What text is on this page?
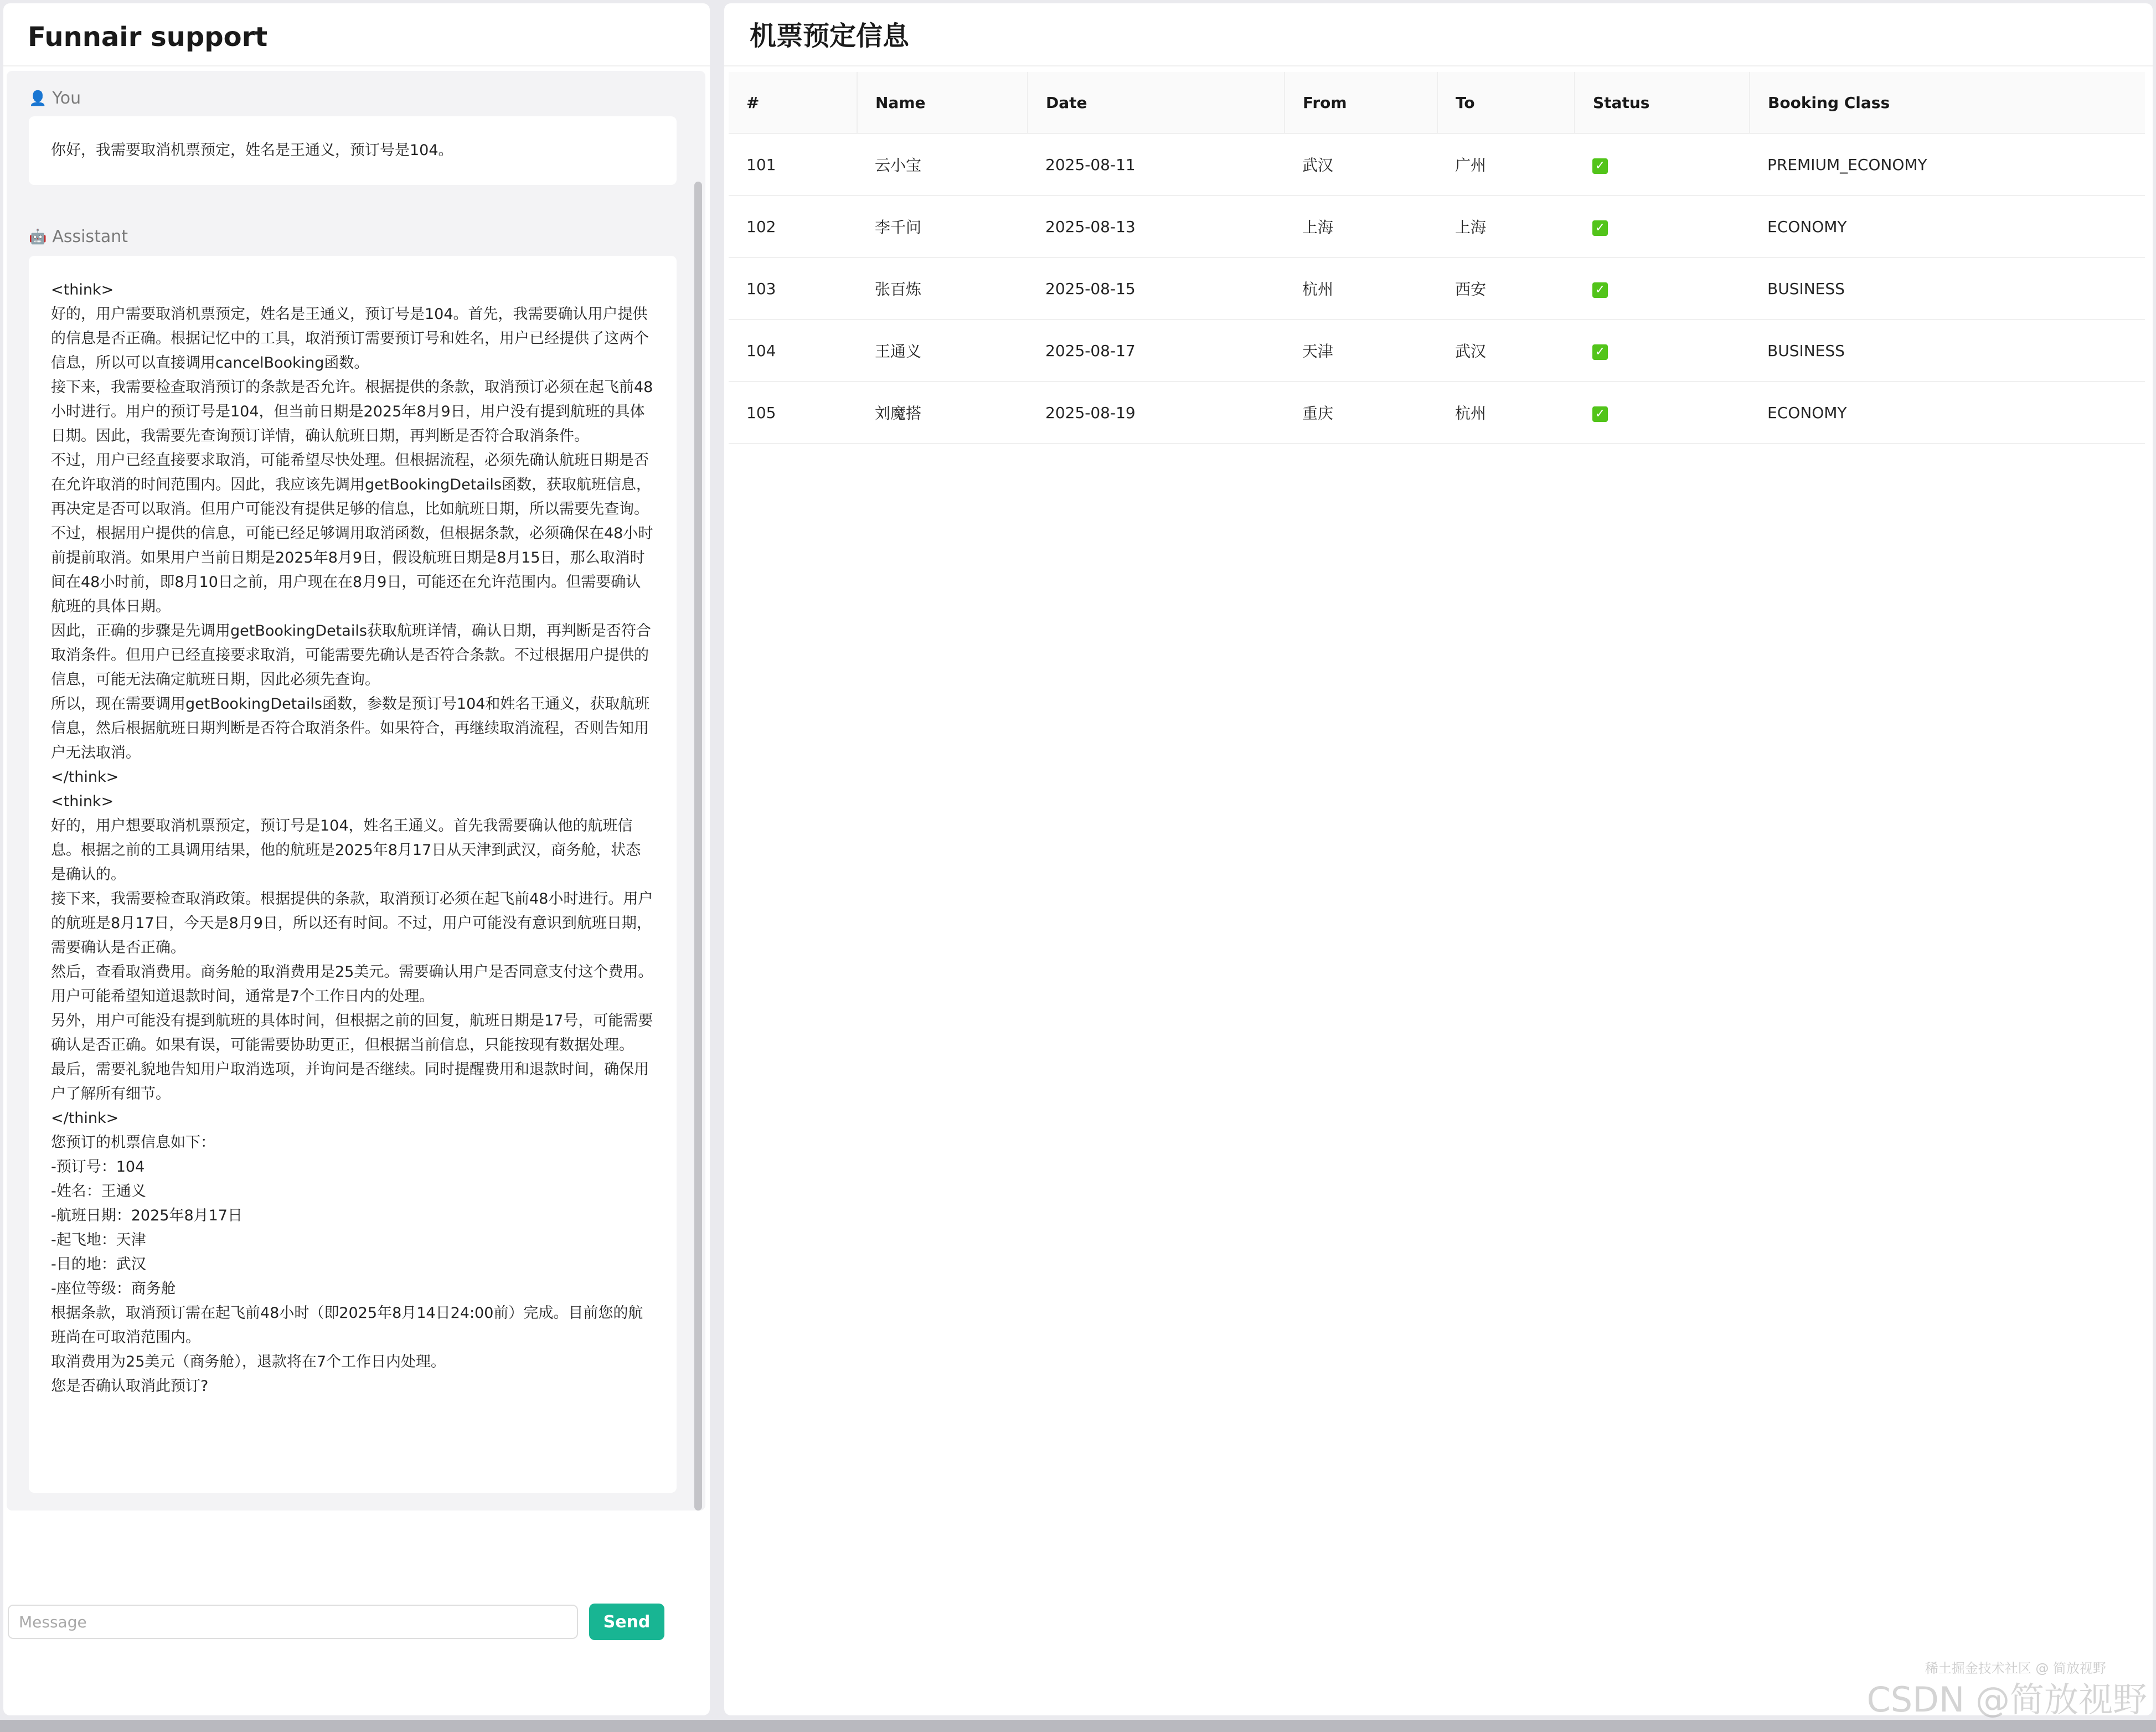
Funnair support
👤 You
你好，我需要取消机票预定，姓名是王通义，预订号是104。
🤖 Assistant
<think>
好的，用户需要取消机票预定，姓名是王通义，预订号是104。首先，我需要确认用户提供的信息是否正确。根据记忆中的工具，取消预订需要预订号和姓名，用户已经提供了这两个信息，所以可以直接调用cancelBooking函数。
接下来，我需要检查取消预订的条款是否允许。根据提供的条款，取消预订必须在起飞前48小时进行。用户的预订号是104，但当前日期是2025年8月9日，用户没有提到航班的具体日期。因此，我需要先查询预订详情，确认航班日期，再判断是否符合取消条件。
不过，用户已经直接要求取消，可能希望尽快处理。但根据流程，必须先确认航班日期是否在允许取消的时间范围内。因此，我应该先调用getBookingDetails函数，获取航班信息，再决定是否可以取消。但用户可能没有提供足够的信息，比如航班日期，所以需要先查询。
不过，根据用户提供的信息，可能已经足够调用取消函数，但根据条款，必须确保在48小时前提前取消。如果用户当前日期是2025年8月9日，假设航班日期是8月15日，那么取消时间在48小时前，即8月10日之前，用户现在在8月9日，可能还在允许范围内。但需要确认航班的具体日期。
因此，正确的步骤是先调用getBookingDetails获取航班详情，确认日期，再判断是否符合取消条件。但用户已经直接要求取消，可能需要先确认是否符合条款。不过根据用户提供的信息，可能无法确定航班日期，因此必须先查询。
所以，现在需要调用getBookingDetails函数，参数是预订号104和姓名王通义，获取航班信息，然后根据航班日期判断是否符合取消条件。如果符合，再继续取消流程，否则告知用户无法取消。
</think>
<think>
好的，用户想要取消机票预定，预订号是104，姓名王通义。首先我需要确认他的航班信息。根据之前的工具调用结果，他的航班是2025年8月17日从天津到武汉，商务舱，状态是确认的。
接下来，我需要检查取消政策。根据提供的条款，取消预订必须在起飞前48小时进行。用户的航班是8月17日，今天是8月9日，所以还有时间。不过，用户可能没有意识到航班日期，需要确认是否正确。
然后，查看取消费用。商务舱的取消费用是25美元。需要确认用户是否同意支付这个费用。用户可能希望知道退款时间，通常是7个工作日内的处理。
另外，用户可能没有提到航班的具体时间，但根据之前的回复，航班日期是17号，可能需要确认是否正确。如果有误，可能需要协助更正，但根据当前信息，只能按现有数据处理。
最后，需要礼貌地告知用户取消选项，并询问是否继续。同时提醒费用和退款时间，确保用户了解所有细节。
</think>
您预订的机票信息如下：
-预订号：104
-姓名：王通义
-航班日期：2025年8月17日
-起飞地：天津
-目的地：武汉
-座位等级：商务舱
根据条款，取消预订需在起飞前48小时（即2025年8月14日24:00前）完成。目前您的航班尚在可取消范围内。
取消费用为25美元（商务舱），退款将在7个工作日内处理。
您是否确认取消此预订?
Message
Send
机票预定信息
#	Name	Date	From	To	Status	Booking Class
101	云小宝	2025-08-11	武汉	广州	✓	PREMIUM_ECONOMY
102	李千问	2025-08-13	上海	上海	✓	ECONOMY
103	张百炼	2025-08-15	杭州	西安	✓	BUSINESS
104	王通义	2025-08-17	天津	武汉	✓	BUSINESS
105	刘魔搭	2025-08-19	重庆	杭州	✓	ECONOMY
稀土掘金技术社区 @ 简放视野
CSDN @简放视野
